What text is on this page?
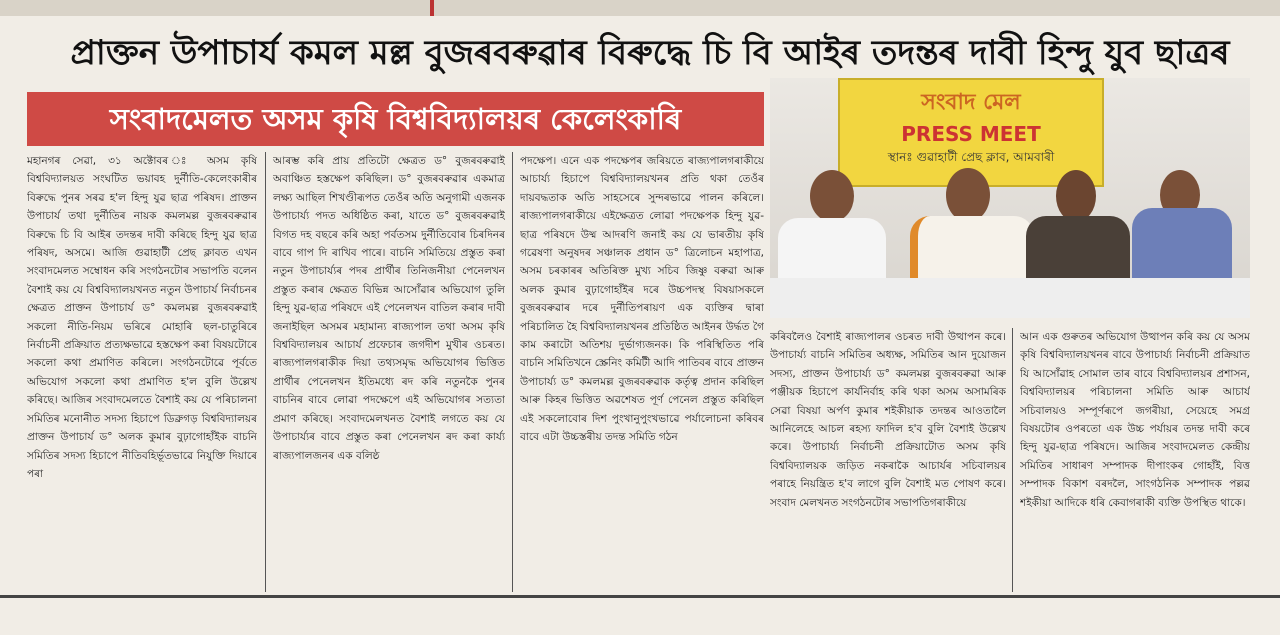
প্ৰাক্তন উপাচাৰ্য কমল মল্ল বুজৰবৰুৱাৰ বিৰুদ্ধে চি বি আইৰ তদন্তৰ দাবী হিন্দু যুব ছাত্ৰৰ
সংবাদমেলত অসম কৃষি বিশ্ববিদ্যালয়ৰ কেলেংকাৰি
মহানগৰ সেৱা, ৩১ অক্টোবৰ ঃ অসম কৃষি বিশ্ববিদ্যালয়ত সংঘটিত ভয়াবহ দুৰ্নীতি-কেলেংকাৰীৰ বিৰুদ্ধে পুনৰ সৰৱ হ'ল হিন্দু যুৱ ছাত্ৰ পৰিষদ। প্ৰাক্তন উপাচাৰ্য তথা দুৰ্নীতিৰ নায়ক কমলমল্ল বুজৰবৰুৱাৰ বিৰুদ্ধে চি বি আইৰ তদন্তৰ দাবী কৰিছে হিন্দু যুৱ ছাত্ৰ পৰিষদ, অসমে। আজি গুৱাহাটী প্ৰেছ ক্লাবত এখন সংবাদমেলত সম্বোধন কৰি সংগঠনটোৰ সভাপতি বলেন বৈশাই কয় যে বিশ্ববিদ্যালয়খনত নতুন উপাচাৰ্য নিৰ্বাচনৰ ক্ষেত্ৰত প্ৰাক্তন উপাচাৰ্য ড° কমলমল্ল বুজৰবৰুৱাই সকলো নীতি-নিয়ম ভৰিৰে মোহাৰি ছল-চাতুৰিৰে নিৰ্বাচনী প্ৰক্ৰিয়াত প্ৰত্যক্ষভাৱে হস্তক্ষেপ কৰা বিষয়টোৰে সকলো কথা প্ৰমাণিত কৰিলে। সংগঠনটোৱে পূৰ্বতে অভিযোগ সকলো কথা প্ৰমাণিত হ'ল বুলি উল্লেখ কৰিছে। আজিৰ সংবাদমেলতে বৈশাই কয় যে পৰিচালনা সমিতিৰ মনোনীত সদস্য হিচাপে ডিব্ৰুগড় বিশ্ববিদ্যালয়ৰ প্ৰাক্তন উপাচাৰ্য ড° অলক কুমাৰ বুঢ়াগোহাঁইক বাচনি সমিতিৰ সদস্য হিচাপে নীতিবহিৰ্ভূতভাৱে নিযুক্তি দিয়াৰে পৰা
আৰম্ভ কৰি প্ৰায় প্ৰতিটো ক্ষেত্ৰত ড° বুজৰবৰুৱাই অবাঞ্চিত হস্তক্ষেপ কৰিছিল। ড° বুজৰবৰুৱাৰ একমাত্ৰ লক্ষ্য আছিল শিখণ্ডীৰূপত তেওঁৰ অতি অনুগামী এজনক উপাচাৰ্য্য পদত অধিষ্ঠিত কৰা, যাতে ড° বুজৰবৰুৱাই বিগত দহ বছৰে কৰি অহা পৰ্বতসম দুৰ্নীতিবোৰ চিৰদিনৰ বাবে গাপ দি ৰাখিব পাৰে। বাচনি সমিতিয়ে প্ৰস্তুত কৰা নতুন উপাচাৰ্য্যৰ পদৰ প্ৰাৰ্থীৰ তিনিজনীয়া পেনেলখন প্ৰস্তুত কৰাৰ ক্ষেত্ৰত বিভিন্ন আসোঁৱাৰ অভিযোগ তুলি হিন্দু যুৱ-ছাত্ৰ পৰিষদে এই পেনেলখন বাতিল কৰাৰ দাবী জনাইছিল অসমৰ মহামান্য ৰাজ্যপাল তথা অসম কৃষি বিশ্ববিদ্যালয়ৰ আচাৰ্য প্ৰফেচাৰ জগদীশ মুখীৰ ওচৰত। ৰাজ্যপালগৰাকীক দিয়া তথ্যসমৃদ্ধ অভিযোগৰ ভিত্তিত প্ৰাৰ্থীৰ পেনেলখন ইতিমধ্যে ৰদ কৰি নতুনকৈ পুনৰ বাচনিৰ বাবে লোৱা পদক্ষেপে এই অভিযোগৰ সত্যতা প্ৰমাণ কৰিছে। সংবাদমেলখনত বৈশাই লগতে কয় যে উপাচাৰ্য্যৰ বাবে প্ৰস্তুত কৰা পেনেলখন ৰদ কৰা কাৰ্য্য ৰাজ্যপালজনৰ এক বলিষ্ঠ
পদক্ষেপ। এনে এক পদক্ষেপৰ জৰিয়তে ৰাজ্যপালগৰাকীয়ে আচাৰ্য্য হিচাপে বিশ্ববিদ্যালয়খনৰ প্ৰতি থকা তেওঁৰ দায়বদ্ধতাক অতি সাহসেৰে সুন্দৰভাৱে পালন কৰিলে। ৰাজ্যপালগৰাকীয়ে এইক্ষেত্ৰত লোৱা পদক্ষেপক হিন্দু যুৱ-ছাত্ৰ পৰিষদে উষ্ম আদৰণি জনাই কয় যে ভাৰতীয় কৃষি গৱেষণা অনুষদৰ সঞ্চালক প্ৰধান ড° ত্ৰিলোচন মহাপাত্ৰ, অসম চৰকাৰৰ অতিৰিক্ত মুখ্য সচিব জিষ্ণু বৰুৱা আৰু অলক কুমাৰ বুঢ়াগোহাঁইৰ দৰে উচ্চপদস্থ বিষয়াসকলে বুজৰবৰুৱাৰ দৰে দুৰ্নীতিপৰায়ণ এক ব্যক্তিৰ দ্বাৰা পৰিচালিত হৈ বিশ্ববিদ্যালয়খনৰ প্ৰতিষ্ঠিত আইনৰ উৰ্দ্ধত গৈ কাম কৰাটো অতিশয় দুৰ্ভাগ্যজনক। কি পৰিস্থিতিত পৰি বাচনি সমিতিখনে স্ক্ৰেনিং কমিটী আদি পাতিবৰ বাবে প্ৰাক্তন উপাচাৰ্য্য ড° কমলমল্ল বুজৰবৰুৱাক কৰ্তৃত্ব প্ৰদান কৰিছিল আৰু কিহৰ ভিত্তিত অৱশেষত পূৰ্ণ পেনেল প্ৰস্তুত কৰিছিল এই সকলোবোৰ দিশ পুংখানুপুংখভাৱে পৰ্যালোচনা কৰিবৰ বাবে এটা উচ্চস্তৰীয় তদন্ত সমিতি গঠন
কৰিবলৈও বৈশাই ৰাজ্যপালৰ ওচৰত দাবী উত্থাপন কৰে। উপাচাৰ্য্য বাচনি সমিতিৰ অধ্যক্ষ, সমিতিৰ আন দুয়োজন সদস্য, প্ৰাক্তন উপাচাৰ্য্য ড° কমলমল্ল বুজৰবৰুৱা আৰু পঞ্জীয়ক হিচাপে কাৰ্যনিৰ্বাহ কৰি থকা অসম অসামৰিক সেৱা বিষয়া অৰ্পণ কুমাৰ শইকীয়াক তদন্তৰ আওতালৈ আনিলেহে আচল ৰহস্য ফাদিল হ'ব বুলি বৈশাই উল্লেখ কৰে। উপাচাৰ্য্য নিৰ্বাচনী প্ৰক্ৰিয়াটোত অসম কৃষি বিশ্ববিদ্যালয়ক জড়িত নকৰাকৈ আচাৰ্যৰ সচিবালয়ৰ পৰাহে নিয়ন্ত্ৰিত হ'ব লাগে বুলি বৈশাই মত পোষণ কৰে। সংবাদ মেলখনত সংগঠনটোৰ সভাপতিগৰাকীয়ে
আন এক গুৰুতৰ অভিযোগ উত্থাপন কৰি কয় যে অসম কৃষি বিশ্ববিদ্যালয়খনৰ বাবে উপাচাৰ্য্য নিৰ্বাচনী প্ৰক্ৰিয়াত যি আসোঁৱাহ সোমাল তাৰ বাবে বিশ্ববিদ্যালয়ৰ প্ৰশাসন, বিশ্ববিদ্যালয়ৰ পৰিচালনা সমিতি আৰু আচাৰ্য সচিবালয়ও সম্পূৰ্ণৰূপে জগৰীয়া, সেয়েহে সমগ্ৰ বিষয়টোৰ ওপৰতো এক উচ্চ পৰ্যায়ৰ তদন্ত দাবী কৰে হিন্দু যুৱ-ছাত্ৰ পৰিষদে। আজিৰ সংবাদমেলত কেন্দ্ৰীয় সমিতিৰ সাধাৰণ সম্পাদক দীপাংকৰ গোহাঁই, বিত্ত সম্পাদক বিকাশ বৰদলৈ, সাংগঠনিক সম্পাদক পল্লৱ শইকীয়া আদিকে ধৰি কেবাগৰাকী ব্যক্তি উপস্থিত থাকে।
সংবাদ মেল
PRESS MEET
স্থানঃ গুৱাহাটী প্ৰেছ ক্লাব, আমবাৰী
